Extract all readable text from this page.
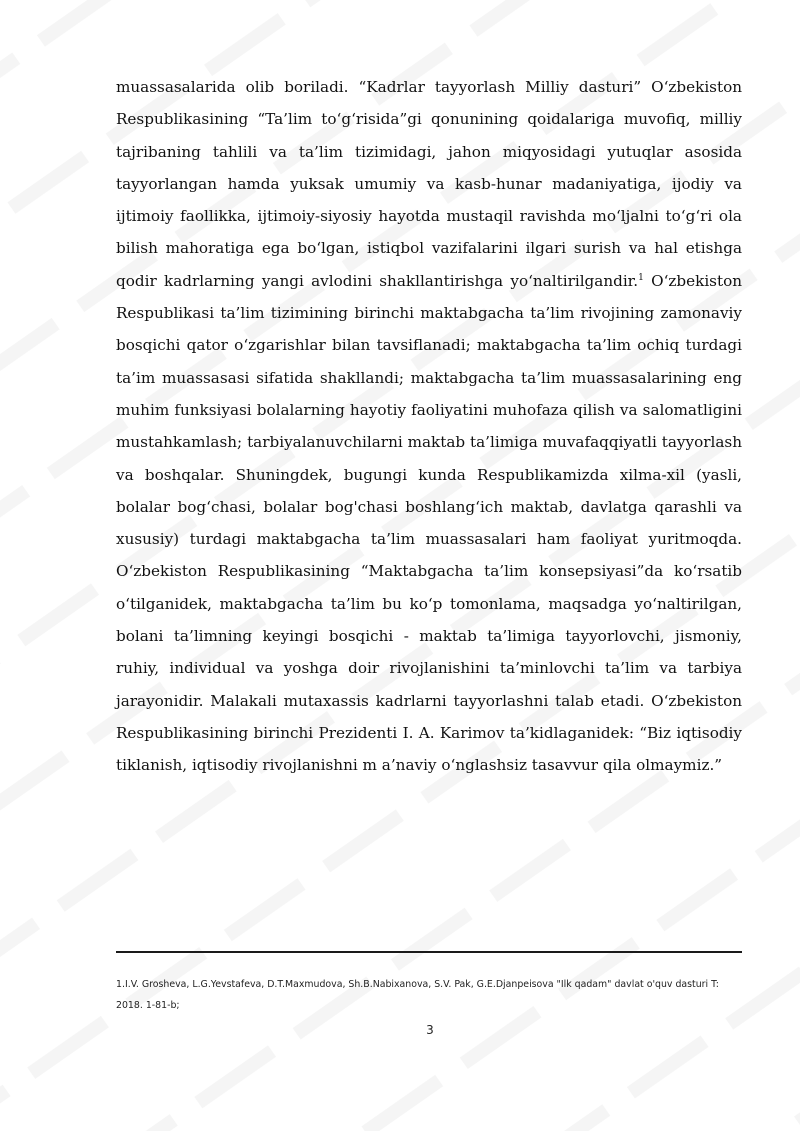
muassasalarida olib boriladi. “Kadrlar tayyorlash Milliy dasturi” O‘zbekiston Respublikasining “Ta’lim to‘g‘risida”gi qonunining qoidalariga muvofiq, milliy tajribaning tahlili va ta’lim tizimidagi, jahon miqyosidagi yutuqlar asosida tayyorlangan hamda yuksak umumiy va kasb-hunar madaniyatiga, ijodiy va ijtimoiy faollikka, ijtimoiy-siyosiy hayotda mustaqil ravishda mo‘ljalni to‘g‘ri ola bilish mahoratiga ega bo‘lgan, istiqbol vazifalarini ilgari surish va hal etishga qodir kadrlarning yangi avlodini shakllantirishga yo‘naltirilgandir.$^1$ O‘zbekiston Respublikasi ta’lim tizimining birinchi maktabgacha ta’lim rivojining zamonaviy bosqichi qator o‘zgarishlar bilan tavsiflanadi; maktabgacha ta’lim ochiq turdagi ta’im muassasasi sifatida shakllandi; maktabgacha ta’lim muassasalarining eng muhim funksiyasi bolalarning hayotiy faoliyatini muhofaza qilish va salomatligini mustahkamlash; tarbiyalanuvchilarni maktab ta’limiga muvafaqqiyatli tayyorlash va boshqalar. Shuningdek, bugungi kunda Respublikamizda xilma-xil (yasli, bolalar bog‘chasi, bolalar bog'chasi boshlang‘ich maktab, davlatga qarashli va xususiy) turdagi maktabgacha ta’lim muassasalari ham faoliyat yuritmoqda. O‘zbekiston Respublikasining “Maktabgacha ta’lim konsepsiyasi”da ko‘rsatib o‘tilganidek, maktabgacha ta’lim bu ko‘p tomonlama, maqsadga yo‘naltirilgan, bolani ta’limning keyingi bosqichi - maktab ta’limiga tayyorlovchi, jismoniy, ruhiy, individual va yoshga doir rivojlanishini ta’minlovchi ta’lim va tarbiya jarayonidir. Malakali mutaxassis kadrlarni tayyorlashni talab etadi. O‘zbekiston Respublikasining birinchi Prezidenti I. A. Karimov ta’kidlaganidek: “Biz iqtisodiy tiklanish, iqtisodiy rivojlanishni m a’naviy o‘nglashsiz tasavvur qila olmaymiz.”

1.I.V. Grosheva, L.G.Yevstafeva, D.T.Maxmudova, Sh.B.Nabixanova, S.V. Pak, G.E.Djanpeisova "Ilk qadam" davlat o'quv dasturi T: 2018. 1-81-b;

3
